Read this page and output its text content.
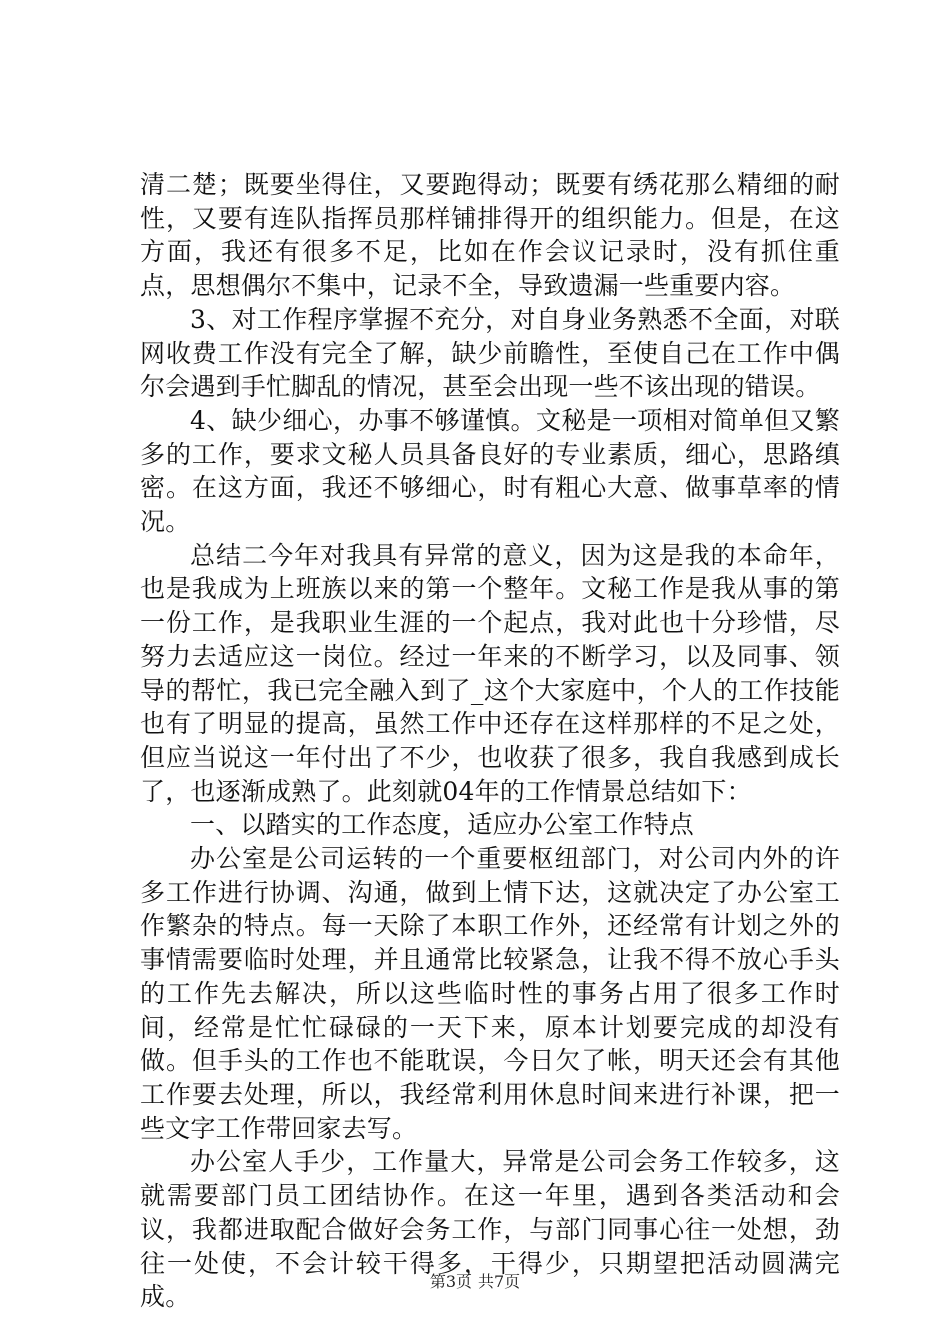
清二楚；既要坐得住，又要跑得动；既要有绣花那么精细的耐性，又要有连队指挥员那样铺排得开的组织能力。但是，在这方面，我还有很多不足，比如在作会议记录时，没有抓住重点，思想偶尔不集中，记录不全，导致遗漏一些重要内容。

3、对工作程序掌握不充分，对自身业务熟悉不全面，对联网收费工作没有完全了解，缺少前瞻性，至使自己在工作中偶尔会遇到手忙脚乱的情况，甚至会出现一些不该出现的错误。

4、缺少细心，办事不够谨慎。文秘是一项相对简单但又繁多的工作，要求文秘人员具备良好的专业素质，细心，思路缜密。在这方面，我还不够细心，时有粗心大意、做事草率的情况。

总结二今年对我具有异常的意义，因为这是我的本命年，也是我成为上班族以来的第一个整年。文秘工作是我从事的第一份工作，是我职业生涯的一个起点，我对此也十分珍惜，尽努力去适应这一岗位。经过一年来的不断学习，以及同事、领导的帮忙，我已完全融入到了_这个大家庭中，个人的工作技能也有了明显的提高，虽然工作中还存在这样那样的不足之处，但应当说这一年付出了不少，也收获了很多，我自我感到成长了，也逐渐成熟了。此刻就04年的工作情景总结如下：

一、以踏实的工作态度，适应办公室工作特点

办公室是公司运转的一个重要枢纽部门，对公司内外的许多工作进行协调、沟通，做到上情下达，这就决定了办公室工作繁杂的特点。每一天除了本职工作外，还经常有计划之外的事情需要临时处理，并且通常比较紧急，让我不得不放心手头的工作先去解决，所以这些临时性的事务占用了很多工作时间，经常是忙忙碌碌的一天下来，原本计划要完成的却没有做。但手头的工作也不能耽误，今日欠了帐，明天还会有其他工作要去处理，所以，我经常利用休息时间来进行补课，把一些文字工作带回家去写。

办公室人手少，工作量大，异常是公司会务工作较多，这就需要部门员工团结协作。在这一年里，遇到各类活动和会议，我都进取配合做好会务工作，与部门同事心往一处想，劲往一处使，不会计较干得多，干得少，只期望把活动圆满完成。

第3页 共7页
